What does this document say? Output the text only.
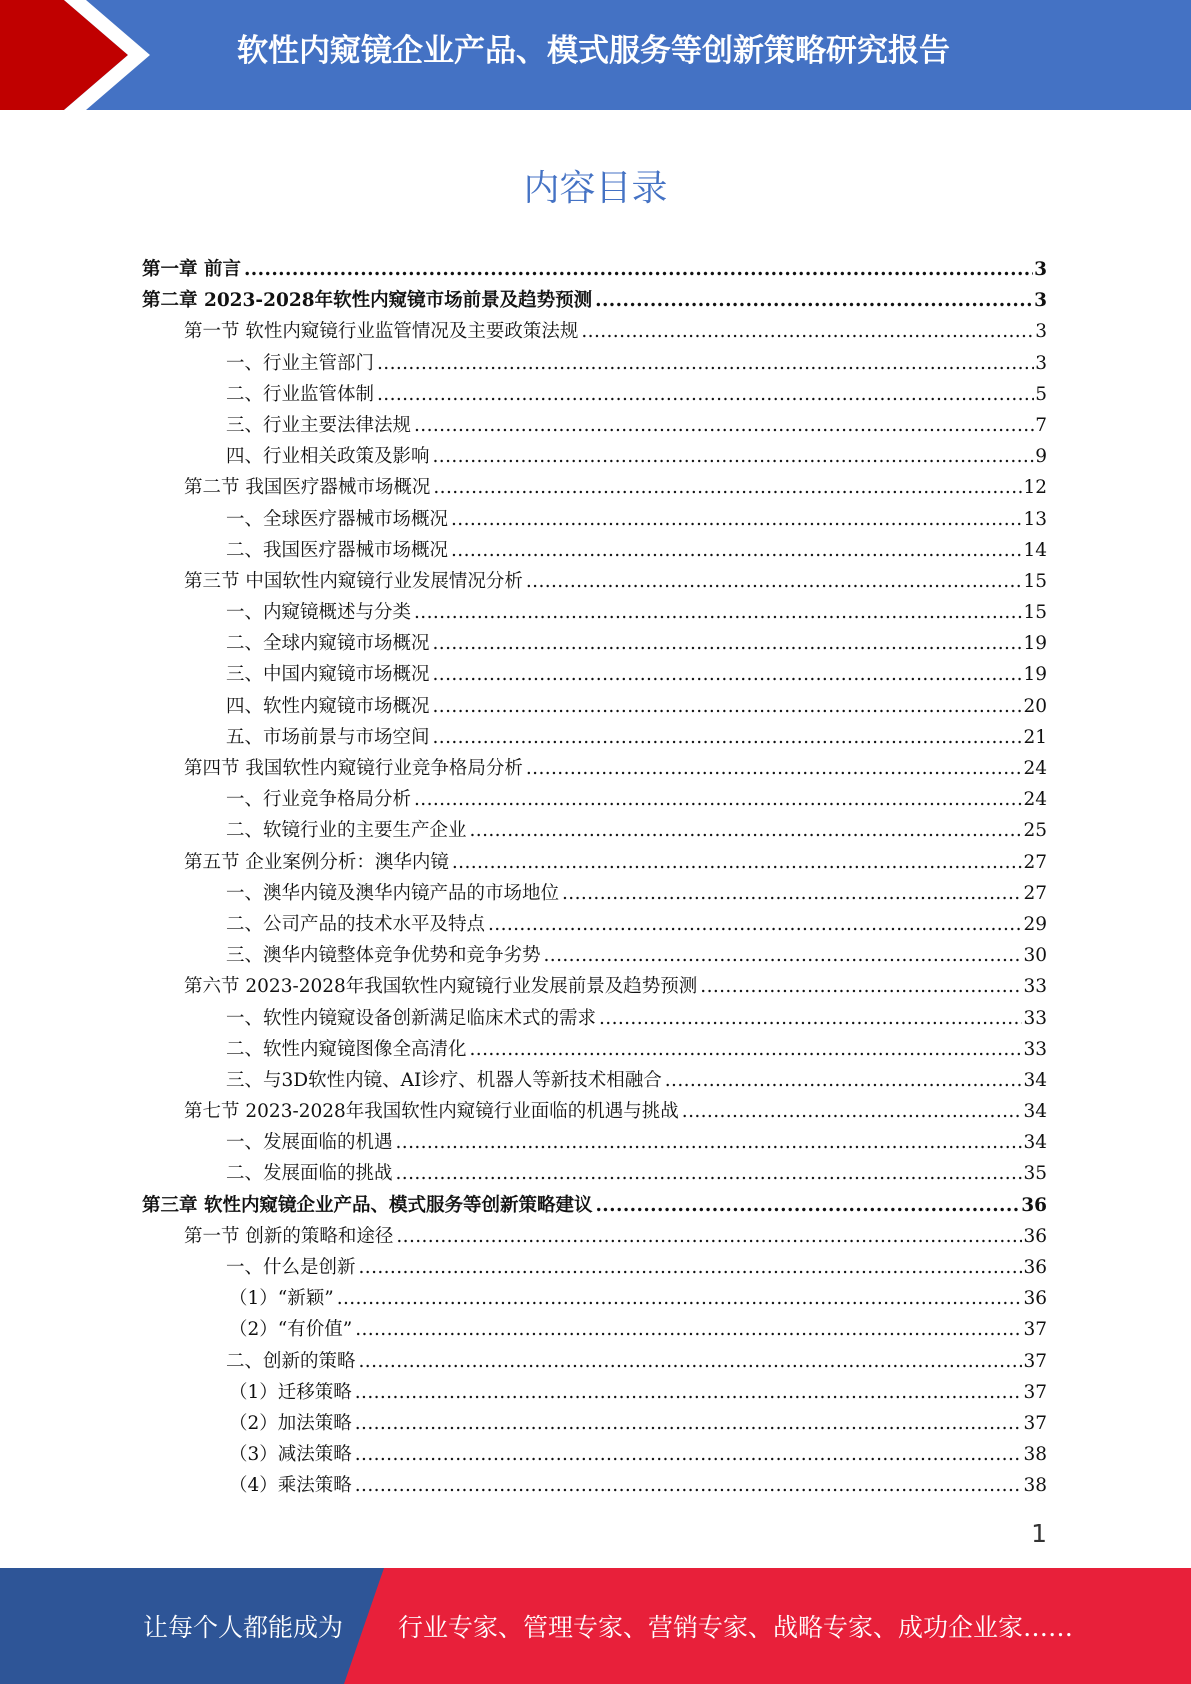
软性内窥镜企业产品、模式服务等创新策略研究报告
内容目录
第一章 前言 .....	3
第二章 2023-2028年软性内窥镜市场前景及趋势预测 .....	3
第一节 软性内窥镜行业监管情况及主要政策法规 .....	3
一、行业主管部门 .....	3
二、行业监管体制 .....	5
三、行业主要法律法规 .....	7
四、行业相关政策及影响 .....	9
第二节 我国医疗器械市场概况 .....	12
一、全球医疗器械市场概况 .....	13
二、我国医疗器械市场概况 .....	14
第三节 中国软性内窥镜行业发展情况分析 .....	15
一、内窥镜概述与分类 .....	15
二、全球内窥镜市场概况 .....	19
三、中国内窥镜市场概况 .....	19
四、软性内窥镜市场概况 .....	20
五、市场前景与市场空间 .....	21
第四节 我国软性内窥镜行业竞争格局分析 .....	24
一、行业竞争格局分析 .....	24
二、软镜行业的主要生产企业 .....	25
第五节 企业案例分析：澳华内镜 .....	27
一、澳华内镜及澳华内镜产品的市场地位 .....	27
二、公司产品的技术水平及特点 .....	29
三、澳华内镜整体竞争优势和竞争劣势 .....	30
第六节 2023-2028年我国软性内窥镜行业发展前景及趋势预测 .....	33
一、软性内镜窥设备创新满足临床术式的需求 .....	33
二、软性内窥镜图像全高清化 .....	33
三、与3D软性内镜、AI诊疗、机器人等新技术相融合 .....	34
第七节 2023-2028年我国软性内窥镜行业面临的机遇与挑战 .....	34
一、发展面临的机遇 .....	34
二、发展面临的挑战 .....	35
第三章 软性内窥镜企业产品、模式服务等创新策略建议 .....	36
第一节 创新的策略和途径 .....	36
一、什么是创新 .....	36
（1）“新颖” .....	36
（2）“有价值” .....	37
二、创新的策略 .....	37
（1）迁移策略 .....	37
（2）加法策略 .....	37
（3）减法策略 .....	38
（4）乘法策略 .....	38
1
让每个人都能成为 行业专家、管理专家、营销专家、战略专家、成功企业家……
